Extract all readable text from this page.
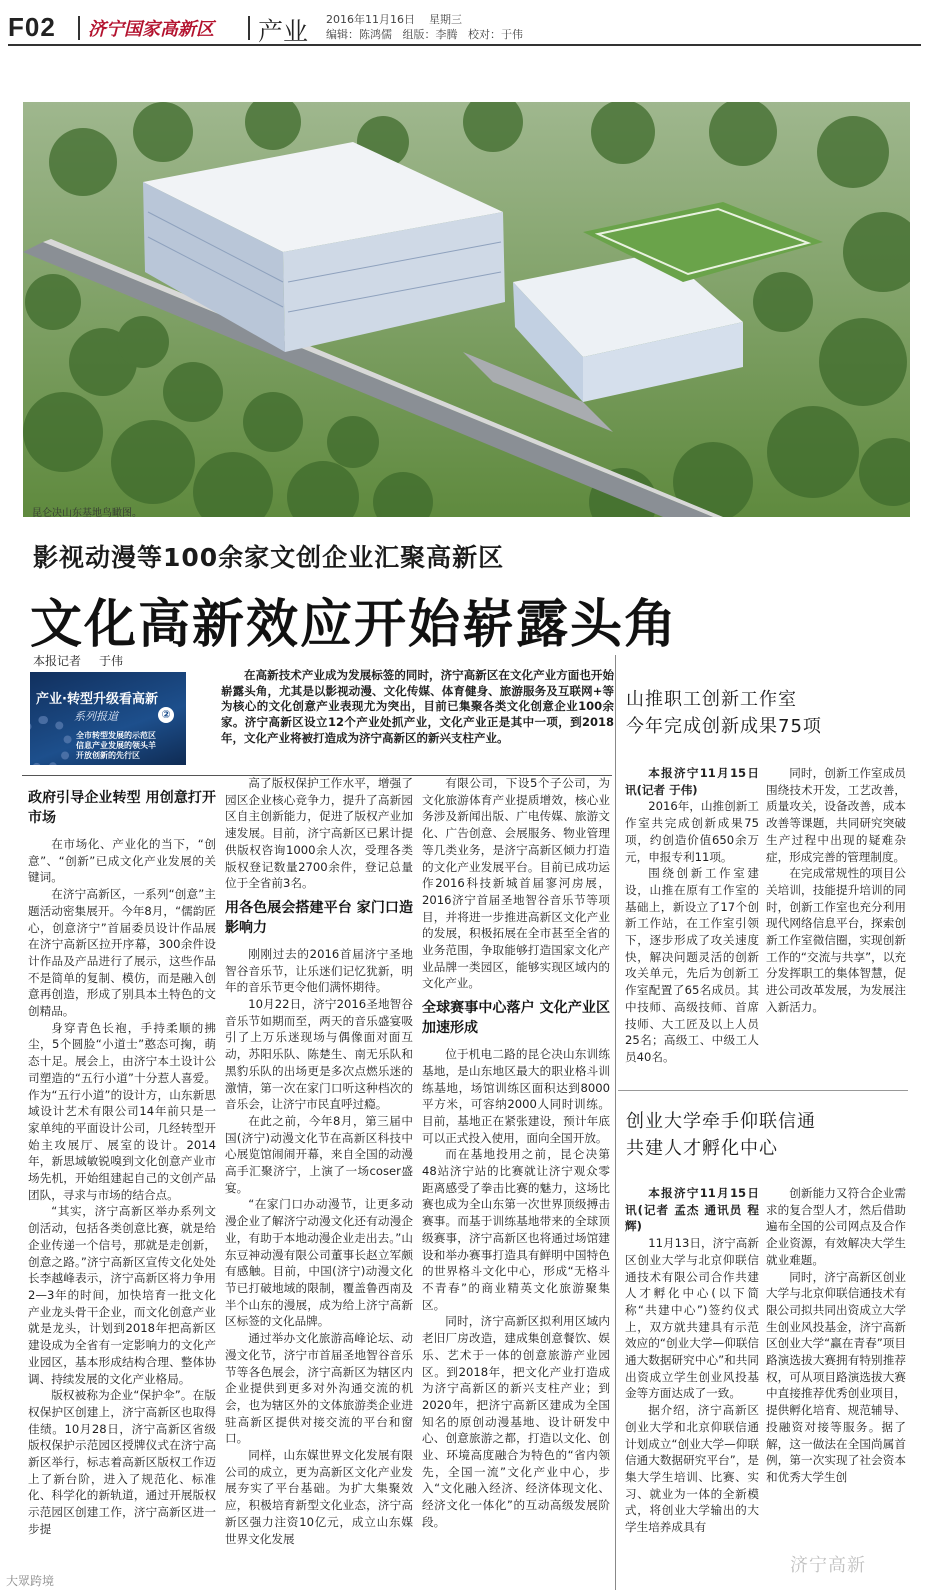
F02 济宁国家高新区 产业 2016年11月16日 星期三
编辑：陈鸿儒 组版：李腾 校对：于伟
昆仑决山东基地鸟瞰图。
影视动漫等100余家文创企业汇聚高新区
文化高新效应开始崭露头角
本报记者 于伟
产业·转型升级看高新
系列报道	②
全市转型发展的示范区
信息产业发展的领头羊
开放创新的先行区
在高新技术产业成为发展标签的同时，济宁高新区在文化产业方面也开始崭露头角，尤其是以影视动漫、文化传媒、体育健身、旅游服务及互联网+等为核心的文化创意产业表现尤为突出，目前已集聚各类文化创意企业100余家。济宁高新区设立12个产业处抓产业，文化产业正是其中一项，到2018年，文化产业将被打造成为济宁高新区的新兴支柱产业。
政府引导企业转型 用创意打开市场

在市场化、产业化的当下，“创意”、“创新”已成文化产业发展的关键词。

在济宁高新区，一系列“创意”主题活动密集展开。今年8月，“儒韵匠心，创意济宁”首届委员设计作品展在济宁高新区拉开序幕，300余件设计作品及产品进行了展示，这些作品不是简单的复制、模仿，而是融入创意再创造，形成了别具本土特色的文创精品。

身穿青色长袍，手持柔顺的拂尘，5个圆脸“小道士”憨态可掬，萌态十足。展会上，由济宁本土设计公司塑造的“五行小道”十分惹人喜爱。作为“五行小道”的设计方，山东新思域设计艺术有限公司14年前只是一家单纯的平面设计公司，几经转型开始主攻展厅、展室的设计。2014年，新思域敏锐嗅到文化创意产业市场先机，开始组建起自己的文创产品团队，寻求与市场的结合点。

“其实，济宁高新区举办系列文创活动，包括各类创意比赛，就是给企业传递一个信号，那就是走创新，创意之路。”济宁高新区宣传文化处处长李越峰表示，济宁高新区将力争用2—3年的时间，加快培育一批文化产业龙头骨干企业，而文化创意产业就是龙头，计划到2018年把高新区建设成为全省有一定影响力的文化产业园区，基本形成结构合理、整体协调、持续发展的文化产业格局。

版权被称为企业“保护伞”。在版权保护区创建上，济宁高新区也取得佳绩。10月28日，济宁高新区省级版权保护示范园区授牌仪式在济宁高新区举行，标志着高新区版权工作迈上了新台阶，进入了规范化、标准化、科学化的新轨道，通过开展版权示范园区创建工作，济宁高新区进一步提

高了版权保护工作水平，增强了园区企业核心竞争力，提升了高新园区自主创新能力，促进了版权产业加速发展。目前，济宁高新区已累计提供版权咨询1000余人次，受理各类版权登记数量2700余件，登记总量位于全省前3名。

用各色展会搭建平台 家门口造影响力

刚刚过去的2016首届济宁圣地智谷音乐节，让乐迷们记忆犹新，明年的音乐节更令他们满怀期待。

10月22日，济宁2016圣地智谷音乐节如期而至，两天的音乐盛宴吸引了上万乐迷现场与偶像面对面互动，苏阳乐队、陈楚生、南无乐队和黑豹乐队的出场更是多次点燃乐迷的激情，第一次在家门口听这种档次的音乐会，让济宁市民直呼过瘾。

在此之前，今年8月，第三届中国(济宁)动漫文化节在高新区科技中心展览馆闹闹开幕，来自全国的动漫高手汇聚济宁，上演了一场coser盛宴。

“在家门口办动漫节，让更多动漫企业了解济宁动漫文化还有动漫企业，有助于本地动漫企业走出去。”山东豆神动漫有限公司董事长赵立军颇有感触。目前，中国(济宁)动漫文化节已打破地域的限制，覆盖鲁西南及半个山东的漫展，成为给上济宁高新区标签的文化品牌。

通过举办文化旅游高峰论坛、动漫文化节，济宁市首届圣地智谷音乐节等各色展会，济宁高新区为辖区内企业提供到更多对外沟通交流的机会，也为辖区外的文体旅游类企业进驻高新区提供对接交流的平台和窗口。

同样，山东媒世界文化发展有限公司的成立，更为高新区文化产业发展夯实了平台基础。为扩大集聚效应，积极培育新型文化业态，济宁高新区强力注资10亿元，成立山东媒世界文化发展

有限公司，下设5个子公司，为文化旅游体育产业提质增效，核心业务涉及新闻出版、广电传媒、旅游文化、广告创意、会展服务、物业管理等几类业务，是济宁高新区倾力打造的文化产业发展平台。目前已成功运作2016科技新城首届寥河房展，2016济宁首届圣地智谷音乐节等项目，并将进一步推进高新区文化产业的发展，积极拓展在全市甚至全省的业务范围，争取能够打造国家文化产业品牌一类园区，能够实现区域内的文化产业。

全球赛事中心落户 文化产业区加速形成

位于机电二路的昆仑决山东训练基地，是山东地区最大的职业格斗训练基地，场馆训练区面积达到8000平方米，可容纳2000人同时训练。目前，基地正在紧张建设，预计年底可以正式投入使用，面向全国开放。

而在基地投用之前，昆仑决第48站济宁站的比赛就让济宁观众零距离感受了拳击比赛的魅力，这场比赛也成为全山东第一次世界顶级搏击赛事。而基于训练基地带来的全球顶级赛事，济宁高新区也将通过场馆建设和举办赛事打造具有鲜明中国特色的世界格斗文化中心，形成“无格斗不青春”的商业精英文化旅游聚集区。

同时，济宁高新区拟利用区域内老旧厂房改造，建成集创意餐饮、娱乐、艺术于一体的创意旅游产业园区。到2018年，把文化产业打造成为济宁高新区的新兴支柱产业；到2020年，把济宁高新区建成为全国知名的原创动漫基地、设计研发中心、创意旅游之都，打造以文化、创业、环境高度融合为特色的“省内领先，全国一流”文化产业中心，步入“文化融入经济、经济体现文化、经济文化一体化”的互动高级发展阶段。

山推职工创新工作室
今年完成创新成果75项

本报济宁11月15日讯(记者 于伟)

2016年，山推创新工作室共完成创新成果75项，约创造价值650余万元，申报专利11项。

围绕创新工作室建设，山推在原有工作室的基础上，新设立了17个创新工作站，在工作室引领下，逐步形成了攻关速度快，解决问题灵活的创新攻关单元，先后为创新工作室配置了65名成员。其中技师、高级技师、首席技师、大工匠及以上人员25名；高级工、中级工人员40名。

同时，创新工作室成员围绕技术开发，工艺改善，质量攻关，设备改善，成本改善等课题，共同研究突破生产过程中出现的疑难杂症，形成完善的管理制度。

在完成常规性的项目公关培训，技能提升培训的同时，创新工作室也充分利用现代网络信息平台，探索创新工作室微信圈，实现创新工作的“交流与共享”，以充分发挥职工的集体智慧，促进公司改革发展，为发展注入新活力。

创业大学牵手仰联信通
共建人才孵化中心

本报济宁11月15日讯(记者 孟杰 通讯员 程辉)

11月13日，济宁高新区创业大学与北京仰联信通技术有限公司合作共建人才孵化中心(以下简称“共建中心”)签约仪式上，双方就共建具有示范效应的“创业大学—仰联信通大数据研究中心”和共同出资成立学生创业风投基金等方面达成了一致。

据介绍，济宁高新区创业大学和北京仰联信通计划成立“创业大学—仰联信通大数据研究平台”，是集大学生培训、比赛、实习、就业为一体的全新模式，将创业大学输出的大学生培养成具有

创新能力又符合企业需求的复合型人才，然后借助遍布全国的公司网点及合作企业资源，有效解决大学生就业难题。

同时，济宁高新区创业大学与北京仰联信通技术有限公司拟共同出资成立大学生创业风投基金，济宁高新区创业大学“赢在青春”项目路演选拔大赛拥有特别推荐权，可从项目路演选拔大赛中直接推荐优秀创业项目，提供孵化培育、规范辅导、投融资对接等服务。据了解，这一做法在全国尚属首例，第一次实现了社会资本和优秀大学生创

济宁高新
大眾跨境
